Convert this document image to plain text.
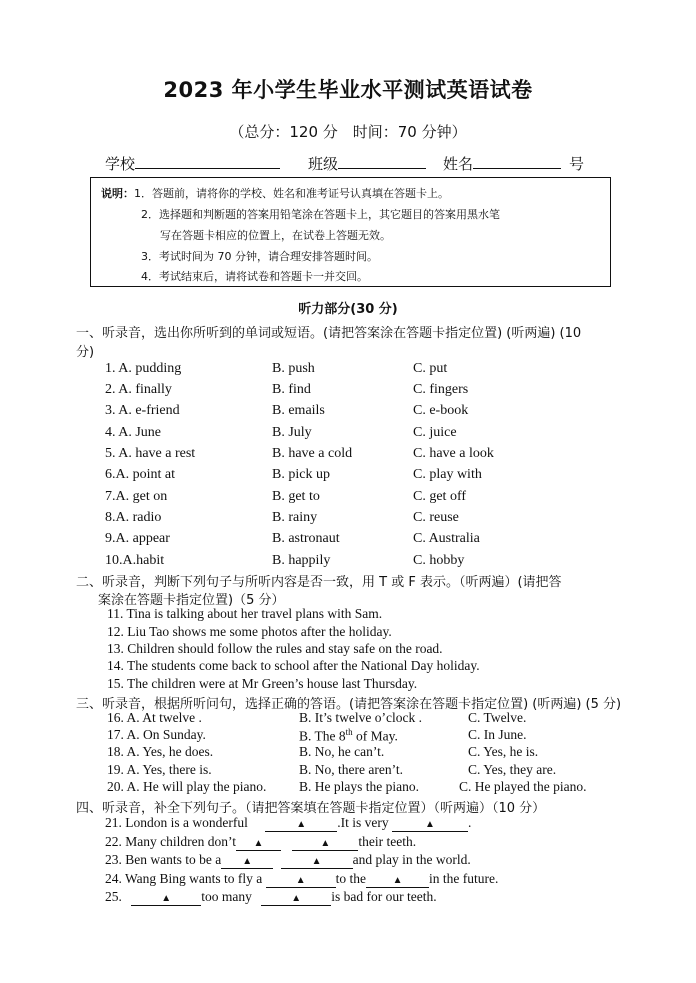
2023 年小学生毕业水平测试英语试卷
（总分：120 分　时间：70 分钟）
学校	班级	姓名	号
说明：1．答题前，请将你的学校、姓名和准考证号认真填在答题卡上。
2．选择题和判断题的答案用铅笔涂在答题卡上，其它题目的答案用黑水笔
写在答题卡相应的位置上，在试卷上答题无效。
3．考试时间为 70 分钟，请合理安排答题时间。
4．考试结束后，请将试卷和答题卡一并交回。
听力部分(30 分)
一、听录音，选出你所听到的单词或短语。(请把答案涂在答题卡指定位置) (听两遍) (10
分)
1. A. pudding	B. push	C. put
2. A. finally	B. find	C. fingers
3. A. e-friend	B. emails	C. e-book
4. A. June	B. July	C. juice
5. A. have a rest	B. have a cold	C. have a look
6.A. point at	B. pick up	C. play with
7.A. get on	B. get to	C. get off
8.A. radio	B. rainy	C. reuse
9.A. appear	B. astronaut	C. Australia
10.A.habit	B. happily	C. hobby
二、听录音，判断下列句子与所听内容是否一致，用 T 或 F 表示。（听两遍）(请把答
案涂在答题卡指定位置)（5 分）
11. Tina is talking about her travel plans with Sam.
12. Liu Tao shows me some photos after the holiday.
13. Children should follow the rules and stay safe on the road.
14. The students come back to school after the National Day holiday.
15. The children were at Mr Green’s house last Thursday.
三、听录音，根据所听问句，选择正确的答语。(请把答案涂在答题卡指定位置) (听两遍) (5 分)
16. A. At twelve .	B. It’s twelve o’clock .	C. Twelve.
17. A. On Sunday.	B. The 8th of May.	C. In June.
18. A. Yes, he does.	B. No, he can’t.	C. Yes, he is.
19. A. Yes, there is.	B. No, there aren’t.	C. Yes, they are.
20. A. He will play the piano. B. He plays the piano.	C. He played the piano.
四、听录音，补全下列句子。（请把答案填在答题卡指定位置）（听两遍）（10 分）
21. London is a wonderful	▲ .It is very	▲ .
22. Many children don’t ▲	▲ their teeth.
23. Ben wants to be a ▲	▲ and play in the world.
24. Wang Bing wants to fly a	▲ to the	▲ in the future.
25.	▲ too many	▲ is bad for our teeth.
